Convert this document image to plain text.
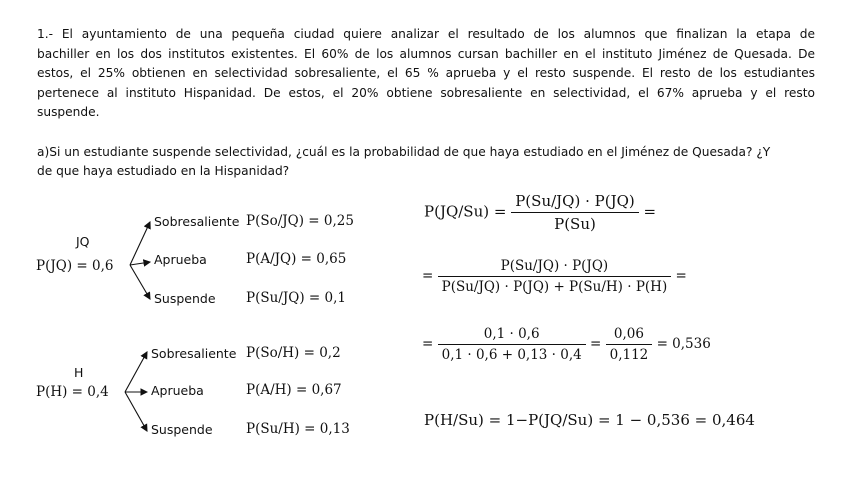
1.- El ayuntamiento de una pequeña ciudad quiere analizar el resultado de los alumnos que finalizan la etapa de
bachiller en los dos institutos existentes. El 60% de los alumnos cursan bachiller en el instituto Jiménez de Quesada. De
estos, el 25% obtienen en selectividad sobresaliente, el 65 % aprueba y el resto suspende. El resto de los estudiantes
pertenece al instituto Hispanidad. De estos, el 20% obtiene sobresaliente en selectividad, el 67% aprueba y el resto
suspende.
a)Si un estudiante suspende selectividad, ¿cuál es la probabilidad de que haya estudiado en el Jiménez de Quesada? ¿Y
de que haya estudiado en la Hispanidad?
JQ
P(JQ) = 0,6
Sobresaliente P(So/JQ) = 0,25
Aprueba	P(A/JQ) = 0,65
Suspende P(Su/JQ) = 0,1
H
P(H) = 0,4
Sobresaliente P(So/H) = 0,2
Aprueba	P(A/H) = 0,67
Suspende P(Su/H) = 0,13
$P(JQ/Su) = \frac{P(Su/JQ) \cdot P(JQ)}{P(Su)}$ =
= $\frac{P(Su/JQ) \cdot P(JQ)}{P(Su/JQ) \cdot P(JQ) + P(Su/H) \cdot P(H)}$ =
= $\frac{0,1 \cdot 0,6}{0,1 \cdot 0,6 + 0,13 \cdot 0,4} = \frac{0,06}{0,112} = 0,536$
P(H/Su) = 1−P(JQ/Su) = 1 − 0,536 = 0,464
